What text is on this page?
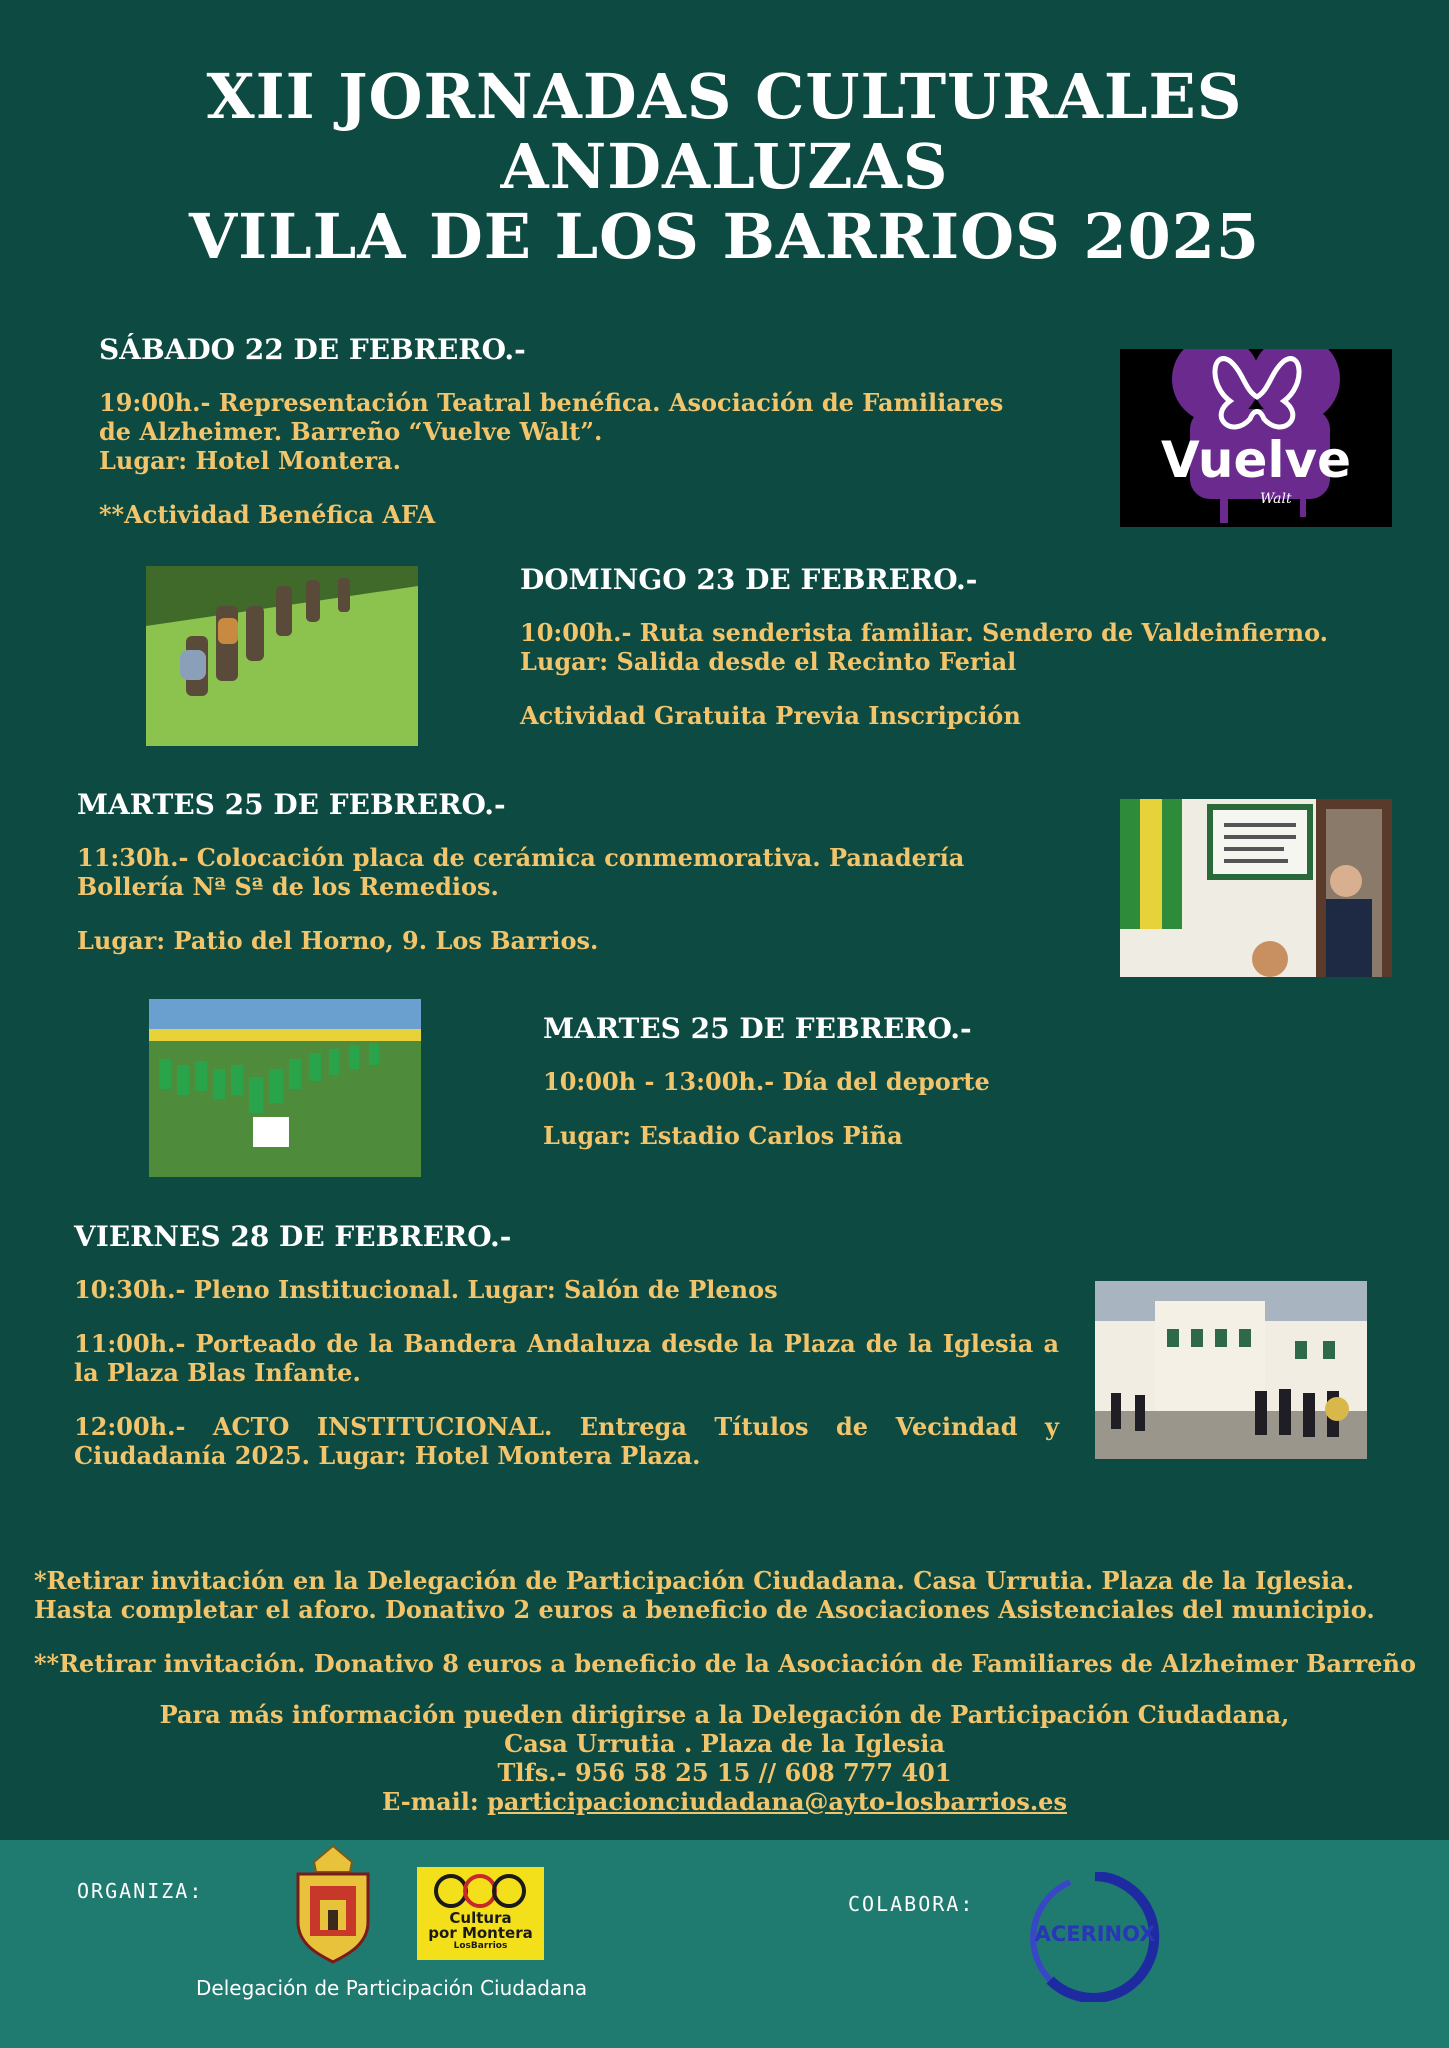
XII JORNADAS CULTURALES
ANDALUZAS
VILLA DE LOS BARRIOS 2025
SÁBADO 22 DE FEBRERO.-
19:00h.- Representación Teatral benéfica. Asociación de Familiares
de Alzheimer. Barreño “Vuelve Walt”.
Lugar: Hotel Montera.
**Actividad Benéfica AFA
Vuelve
Walt
DOMINGO 23 DE FEBRERO.-
10:00h.- Ruta senderista familiar. Sendero de Valdeinfierno.
Lugar: Salida desde el Recinto Ferial
Actividad Gratuita Previa Inscripción
MARTES 25 DE FEBRERO.-
11:30h.- Colocación placa de cerámica conmemorativa. Panadería
Bollería Nª Sª de los Remedios.
Lugar: Patio del Horno, 9. Los Barrios.
MARTES 25 DE FEBRERO.-
10:00h - 13:00h.- Día del deporte
Lugar: Estadio Carlos Piña
VIERNES 28 DE FEBRERO.-
10:30h.- Pleno Institucional. Lugar: Salón de Plenos
11:00h.- Porteado de la Bandera Andaluza desde la Plaza de la Iglesia a la Plaza Blas Infante.
12:00h.- ACTO INSTITUCIONAL. Entrega Títulos de Vecindad y Ciudadanía 2025. Lugar: Hotel Montera Plaza.
*Retirar invitación en la Delegación de Participación Ciudadana. Casa Urrutia. Plaza de la Iglesia.
Hasta completar el aforo. Donativo 2 euros a beneficio de Asociaciones Asistenciales del municipio.
**Retirar invitación. Donativo 8 euros a beneficio de la Asociación de Familiares de Alzheimer Barreño
Para más información pueden dirigirse a la Delegación de Participación Ciudadana,
Casa Urrutia . Plaza de la Iglesia
Tlfs.- 956 58 25 15 // 608 777 401
E-mail: participacionciudadana@ayto-losbarrios.es
ORGANIZA:
Cultura
por Montera
LosBarrios
Delegación de Participación Ciudadana
COLABORA:
ACERINOX
